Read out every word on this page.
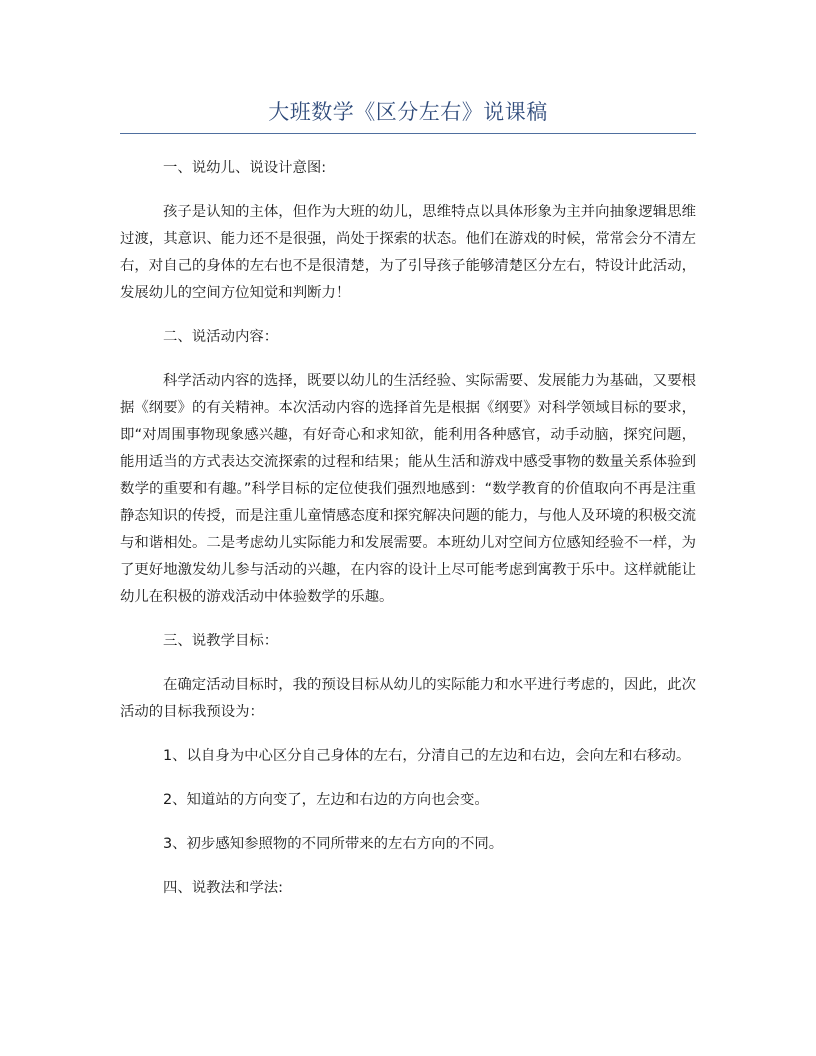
大班数学《区分左右》说课稿

一、说幼儿、说设计意图:

孩子是认知的主体，但作为大班的幼儿，思维特点以具体形象为主并向抽象逻辑思维过渡，其意识、能力还不是很强，尚处于探索的状态。他们在游戏的时候，常常会分不清左右，对自己的身体的左右也不是很清楚，为了引导孩子能够清楚区分左右，特设计此活动，发展幼儿的空间方位知觉和判断力！

二、说活动内容：

科学活动内容的选择，既要以幼儿的生活经验、实际需要、发展能力为基础，又要根据《纲要》的有关精神。本次活动内容的选择首先是根据《纲要》对科学领域目标的要求，即“对周围事物现象感兴趣，有好奇心和求知欲，能利用各种感官，动手动脑，探究问题，能用适当的方式表达交流探索的过程和结果；能从生活和游戏中感受事物的数量关系体验到数学的重要和有趣。”科学目标的定位使我们强烈地感到：“数学教育的价值取向不再是注重静态知识的传授，而是注重儿童情感态度和探究解决问题的能力，与他人及环境的积极交流与和谐相处。二是考虑幼儿实际能力和发展需要。本班幼儿对空间方位感知经验不一样，为了更好地激发幼儿参与活动的兴趣，在内容的设计上尽可能考虑到寓教于乐中。这样就能让幼儿在积极的游戏活动中体验数学的乐趣。

三、说教学目标：

在确定活动目标时，我的预设目标从幼儿的实际能力和水平进行考虑的，因此，此次活动的目标我预设为：

1、以自身为中心区分自己身体的左右，分清自己的左边和右边，会向左和右移动。

2、知道站的方向变了，左边和右边的方向也会变。

3、初步感知参照物的不同所带来的左右方向的不同。

四、说教法和学法:
